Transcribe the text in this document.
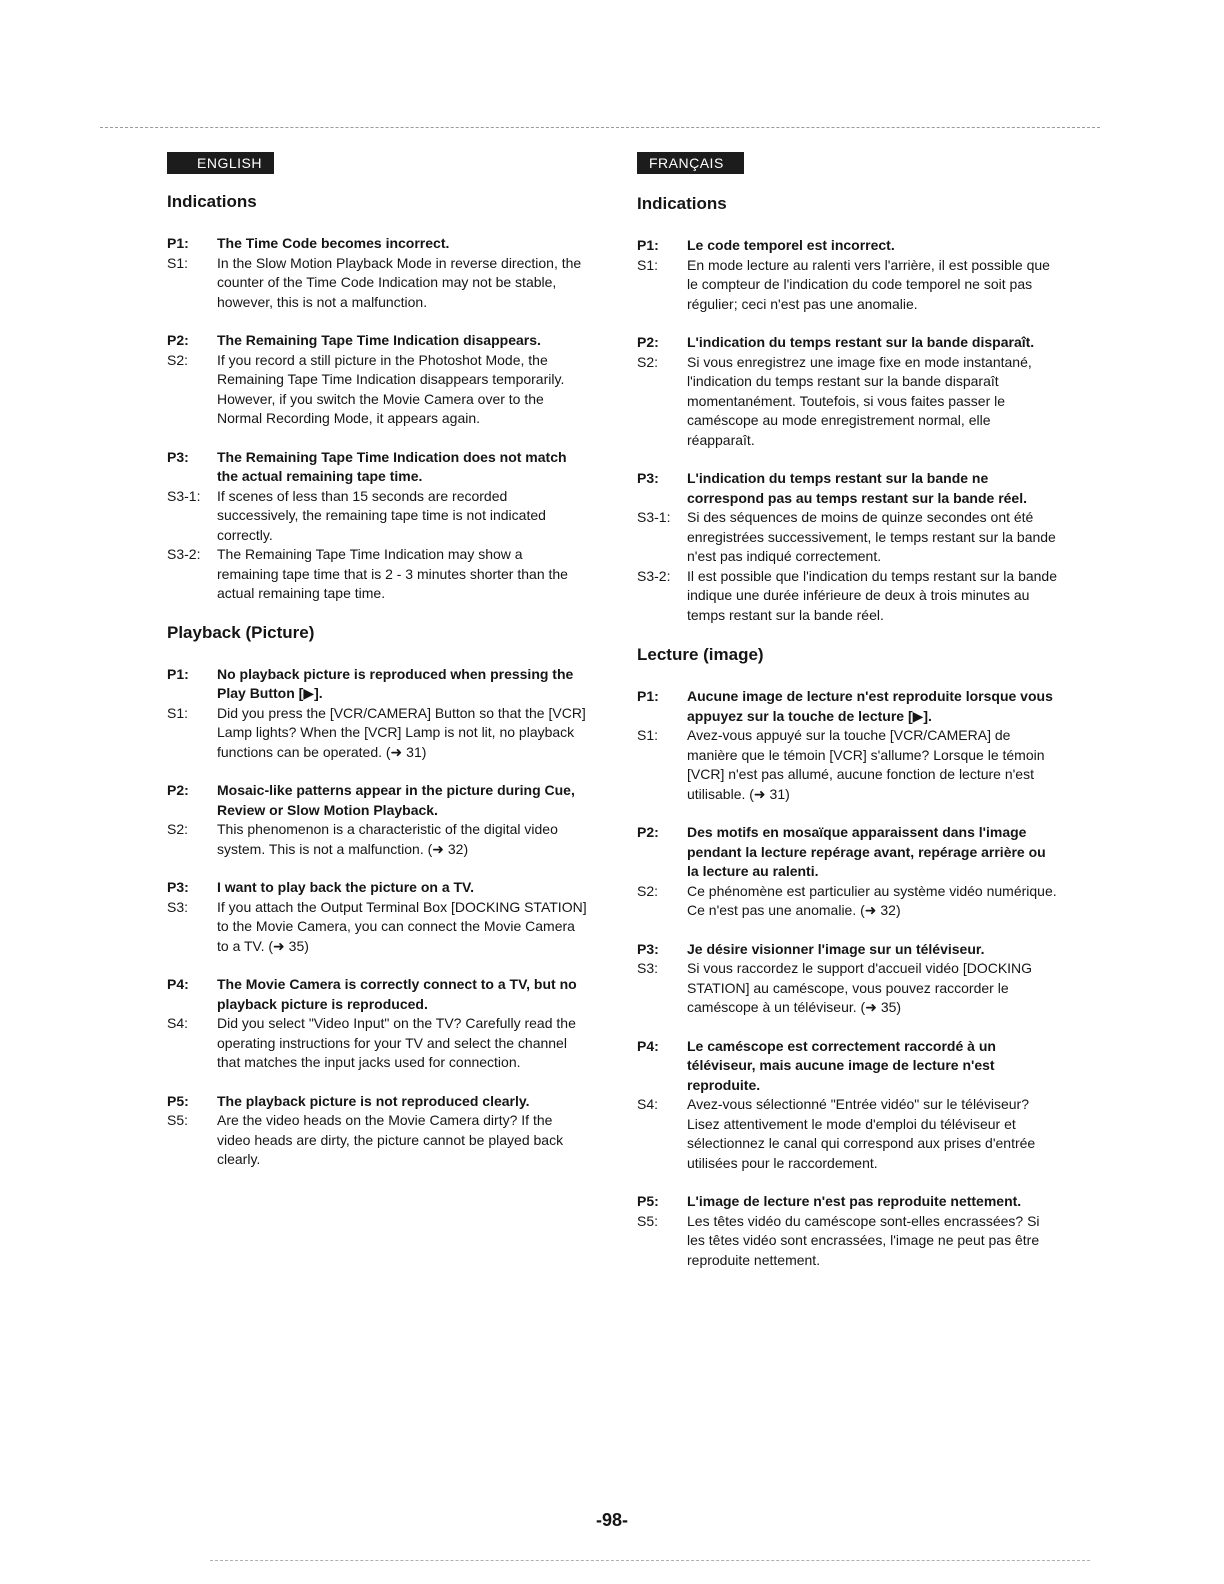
ENGLISH
Indications
P1:	The Time Code becomes incorrect.
S1:	In the Slow Motion Playback Mode in reverse direction, the counter of the Time Code Indication may not be stable, however, this is not a malfunction.
P2:	The Remaining Tape Time Indication disappears.
S2:	If you record a still picture in the Photoshot Mode, the Remaining Tape Time Indication disappears temporarily. However, if you switch the Movie Camera over to the Normal Recording Mode, it appears again.
P3:	The Remaining Tape Time Indication does not match the actual remaining tape time.
S3-1:	If scenes of less than 15 seconds are recorded successively, the remaining tape time is not indicated correctly.
S3-2:	The Remaining Tape Time Indication may show a remaining tape time that is 2 - 3 minutes shorter than the actual remaining tape time.
Playback (Picture)
P1:	No playback picture is reproduced when pressing the Play Button [▶].
S1:	Did you press the [VCR/CAMERA] Button so that the [VCR] Lamp lights? When the [VCR] Lamp is not lit, no playback functions can be operated. (➜ 31)
P2:	Mosaic-like patterns appear in the picture during Cue, Review or Slow Motion Playback.
S2:	This phenomenon is a characteristic of the digital video system. This is not a malfunction. (➜ 32)
P3:	I want to play back the picture on a TV.
S3:	If you attach the Output Terminal Box [DOCKING STATION] to the Movie Camera, you can connect the Movie Camera to a TV. (➜ 35)
P4:	The Movie Camera is correctly connect to a TV, but no playback picture is reproduced.
S4:	Did you select "Video Input" on the TV? Carefully read the operating instructions for your TV and select the channel that matches the input jacks used for connection.
P5:	The playback picture is not reproduced clearly.
S5:	Are the video heads on the Movie Camera dirty? If the video heads are dirty, the picture cannot be played back clearly.
FRANÇAIS
Indications
P1:	Le code temporel est incorrect.
S1:	En mode lecture au ralenti vers l'arrière, il est possible que le compteur de l'indication du code temporel ne soit pas régulier; ceci n'est pas une anomalie.
P2:	L'indication du temps restant sur la bande disparaît.
S2:	Si vous enregistrez une image fixe en mode instantané, l'indication du temps restant sur la bande disparaît momentanément. Toutefois, si vous faites passer le caméscope au mode enregistrement normal, elle réapparaît.
P3:	L'indication du temps restant sur la bande ne correspond pas au temps restant sur la bande réel.
S3-1:	Si des séquences de moins de quinze secondes ont été enregistrées successivement, le temps restant sur la bande n'est pas indiqué correctement.
S3-2:	Il est possible que l'indication du temps restant sur la bande indique une durée inférieure de deux à trois minutes au temps restant sur la bande réel.
Lecture (image)
P1:	Aucune image de lecture n'est reproduite lorsque vous appuyez sur la touche de lecture [▶].
S1:	Avez-vous appuyé sur la touche [VCR/CAMERA] de manière que le témoin [VCR] s'allume? Lorsque le témoin [VCR] n'est pas allumé, aucune fonction de lecture n'est utilisable. (➜ 31)
P2:	Des motifs en mosaïque apparaissent dans l'image pendant la lecture repérage avant, repérage arrière ou la lecture au ralenti.
S2:	Ce phénomène est particulier au système vidéo numérique. Ce n'est pas une anomalie. (➜ 32)
P3:	Je désire visionner l'image sur un téléviseur.
S3:	Si vous raccordez le support d'accueil vidéo [DOCKING STATION] au caméscope, vous pouvez raccorder le caméscope à un téléviseur. (➜ 35)
P4:	Le caméscope est correctement raccordé à un téléviseur, mais aucune image de lecture n'est reproduite.
S4:	Avez-vous sélectionné "Entrée vidéo" sur le téléviseur? Lisez attentivement le mode d'emploi du téléviseur et sélectionnez le canal qui correspond aux prises d'entrée utilisées pour le raccordement.
P5:	L'image de lecture n'est pas reproduite nettement.
S5:	Les têtes vidéo du caméscope sont-elles encrassées? Si les têtes vidéo sont encrassées, l'image ne peut pas être reproduite nettement.
-98-
